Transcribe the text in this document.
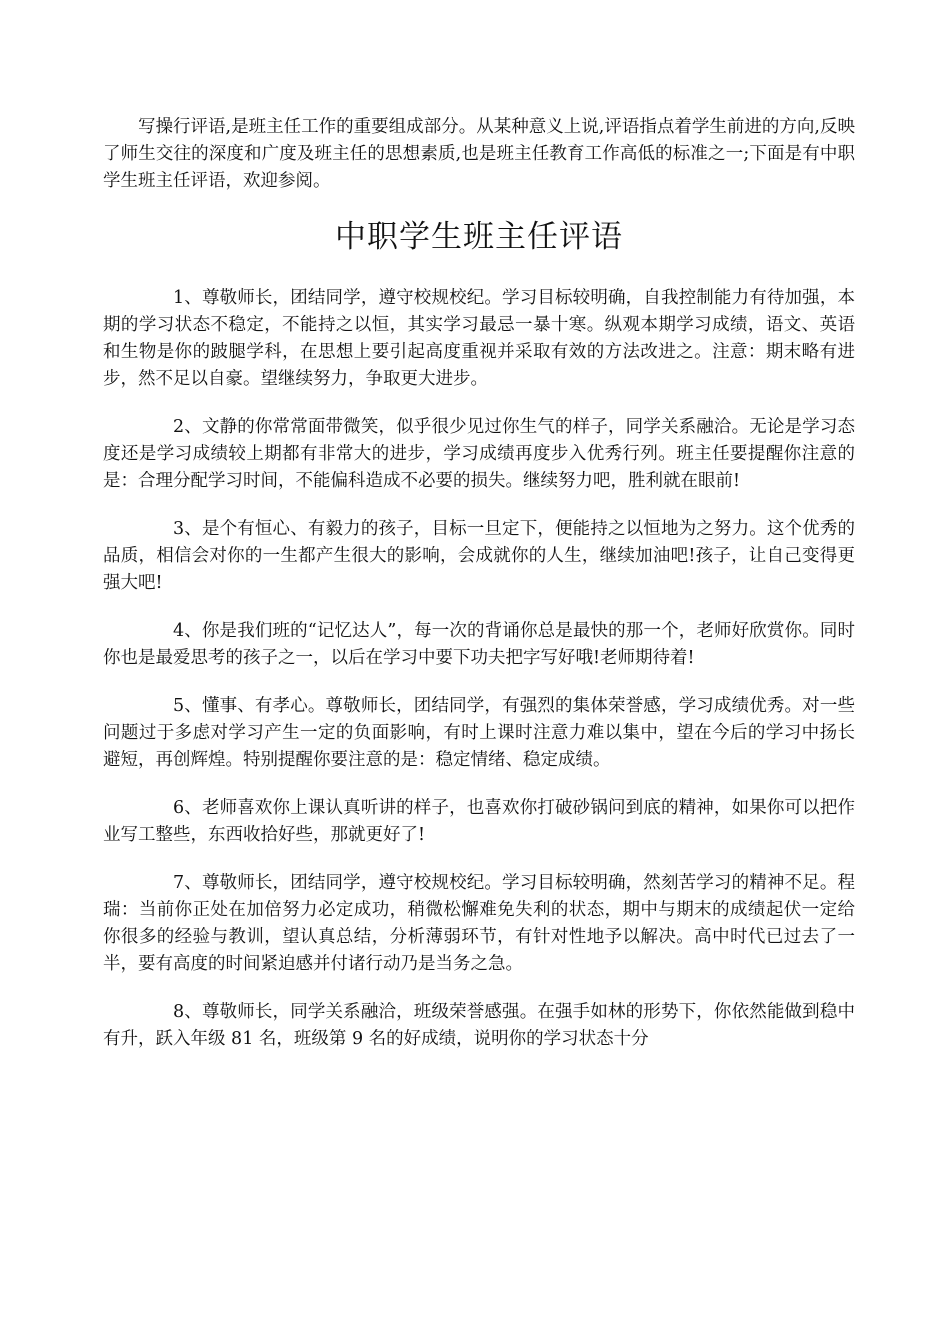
写操行评语,是班主任工作的重要组成部分。从某种意义上说,评语指点着学生前进的方向,反映了师生交往的深度和广度及班主任的思想素质,也是班主任教育工作高低的标准之一;下面是有中职学生班主任评语，欢迎参阅。

中职学生班主任评语

1、尊敬师长，团结同学，遵守校规校纪。学习目标较明确，自我控制能力有待加强，本期的学习状态不稳定，不能持之以恒，其实学习最忌一暴十寒。纵观本期学习成绩，语文、英语和生物是你的跛腿学科，在思想上要引起高度重视并采取有效的方法改进之。注意：期末略有进步，然不足以自豪。望继续努力，争取更大进步。

2、文静的你常常面带微笑，似乎很少见过你生气的样子，同学关系融洽。无论是学习态度还是学习成绩较上期都有非常大的进步，学习成绩再度步入优秀行列。班主任要提醒你注意的是：合理分配学习时间，不能偏科造成不必要的损失。继续努力吧，胜利就在眼前!

3、是个有恒心、有毅力的孩子，目标一旦定下，便能持之以恒地为之努力。这个优秀的品质，相信会对你的一生都产生很大的影响，会成就你的人生，继续加油吧!孩子，让自己变得更强大吧!

4、你是我们班的“记忆达人”，每一次的背诵你总是最快的那一个，老师好欣赏你。同时你也是最爱思考的孩子之一，以后在学习中要下功夫把字写好哦!老师期待着!

5、懂事、有孝心。尊敬师长，团结同学，有强烈的集体荣誉感，学习成绩优秀。对一些问题过于多虑对学习产生一定的负面影响，有时上课时注意力难以集中，望在今后的学习中扬长避短，再创辉煌。特别提醒你要注意的是：稳定情绪、稳定成绩。

6、老师喜欢你上课认真听讲的样子，也喜欢你打破砂锅问到底的精神，如果你可以把作业写工整些，东西收拾好些，那就更好了!

7、尊敬师长，团结同学，遵守校规校纪。学习目标较明确，然刻苦学习的精神不足。程瑞：当前你正处在加倍努力必定成功，稍微松懈难免失利的状态，期中与期末的成绩起伏一定给你很多的经验与教训，望认真总结，分析薄弱环节，有针对性地予以解决。高中时代已过去了一半，要有高度的时间紧迫感并付诸行动乃是当务之急。

8、尊敬师长，同学关系融洽，班级荣誉感强。在强手如林的形势下，你依然能做到稳中有升，跃入年级 81 名，班级第 9 名的好成绩，说明你的学习状态十分
